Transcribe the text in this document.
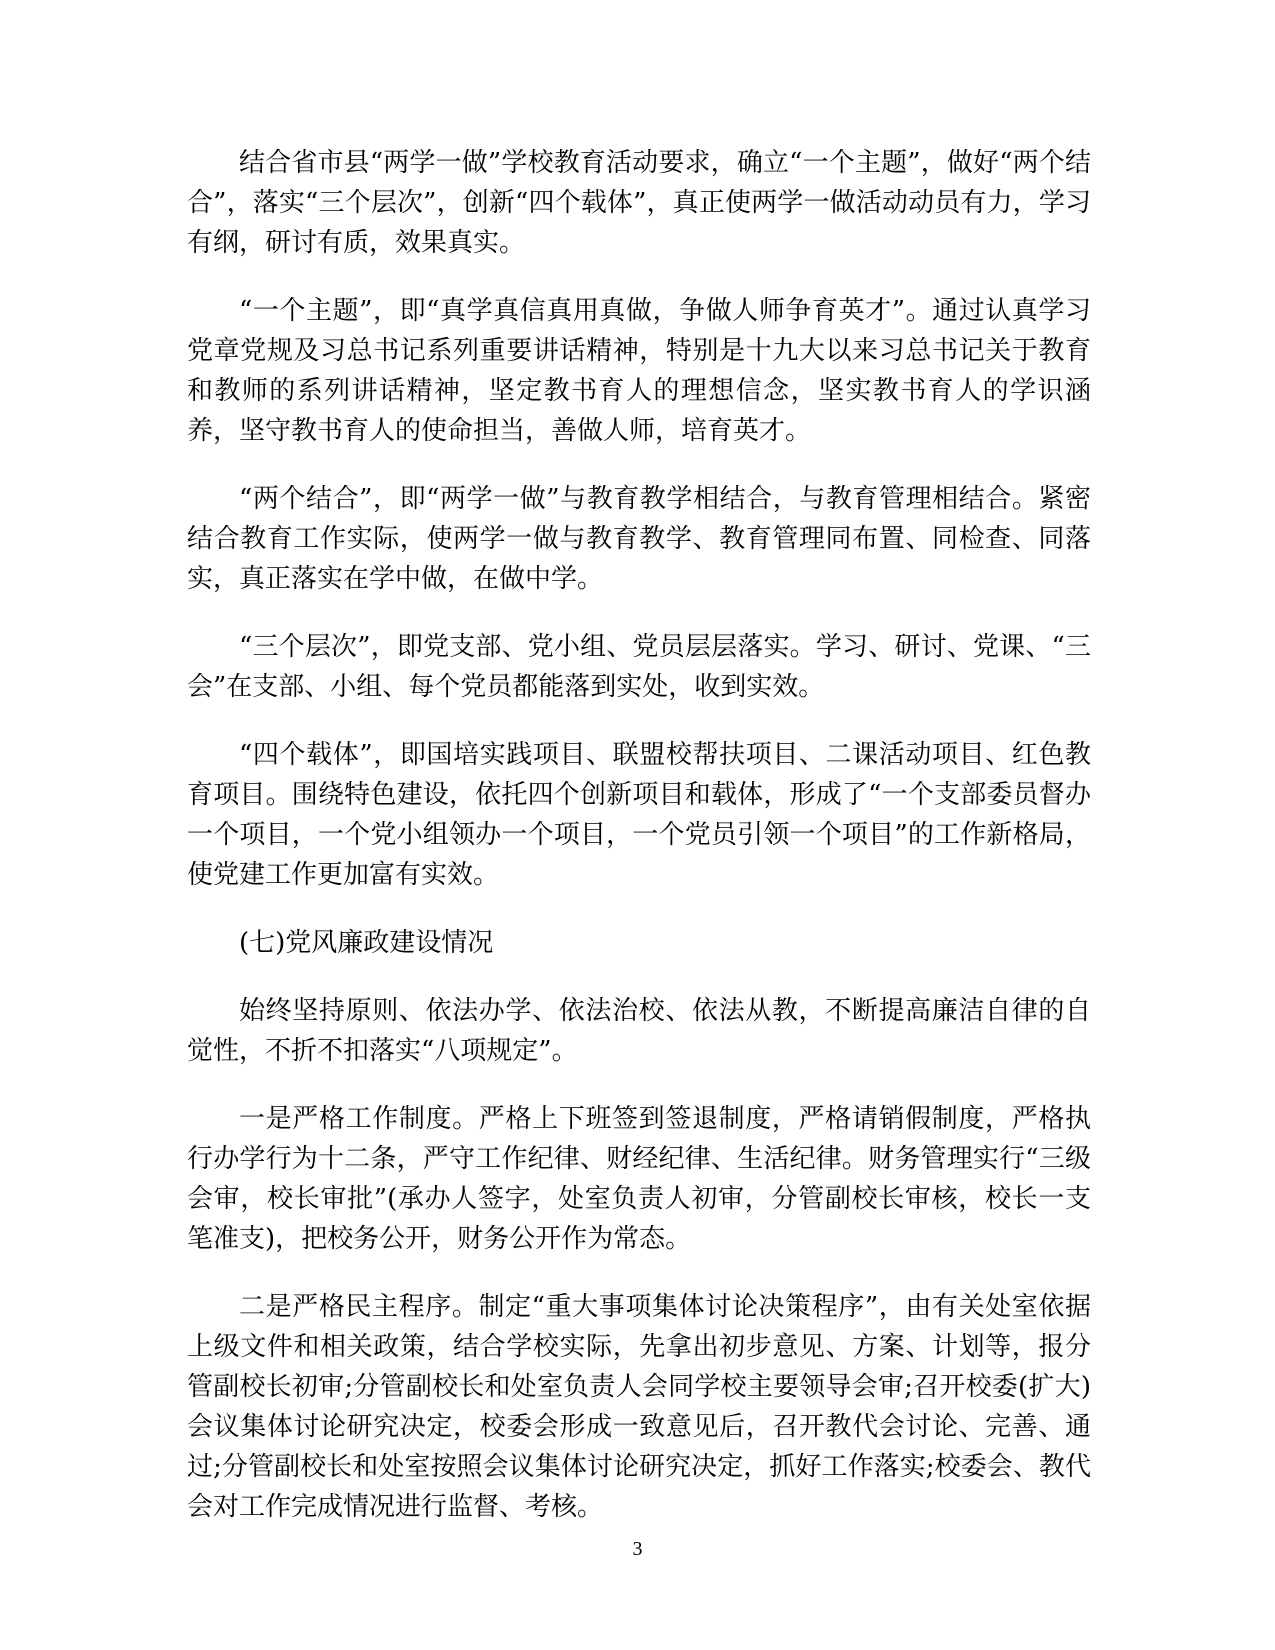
结合省市县“两学一做”学校教育活动要求，确立“一个主题”，做好“两个结合”，落实“三个层次”，创新“四个载体”，真正使两学一做活动动员有力，学习有纲，研讨有质，效果真实。

“一个主题”，即“真学真信真用真做，争做人师争育英才”。通过认真学习党章党规及习总书记系列重要讲话精神，特别是十九大以来习总书记关于教育和教师的系列讲话精神，坚定教书育人的理想信念，坚实教书育人的学识涵养，坚守教书育人的使命担当，善做人师，培育英才。

“两个结合”，即“两学一做”与教育教学相结合，与教育管理相结合。紧密结合教育工作实际，使两学一做与教育教学、教育管理同布置、同检查、同落实，真正落实在学中做，在做中学。

“三个层次”，即党支部、党小组、党员层层落实。学习、研讨、党课、“三会”在支部、小组、每个党员都能落到实处，收到实效。

“四个载体”，即国培实践项目、联盟校帮扶项目、二课活动项目、红色教育项目。围绕特色建设，依托四个创新项目和载体，形成了“一个支部委员督办一个项目，一个党小组领办一个项目，一个党员引领一个项目”的工作新格局，使党建工作更加富有实效。

(七)党风廉政建设情况

始终坚持原则、依法办学、依法治校、依法从教，不断提高廉洁自律的自觉性，不折不扣落实“八项规定”。

一是严格工作制度。严格上下班签到签退制度，严格请销假制度，严格执行办学行为十二条，严守工作纪律、财经纪律、生活纪律。财务管理实行“三级会审，校长审批”(承办人签字，处室负责人初审，分管副校长审核，校长一支笔准支)，把校务公开，财务公开作为常态。

二是严格民主程序。制定“重大事项集体讨论决策程序”，由有关处室依据上级文件和相关政策，结合学校实际，先拿出初步意见、方案、计划等，报分管副校长初审;分管副校长和处室负责人会同学校主要领导会审;召开校委(扩大)会议集体讨论研究决定，校委会形成一致意见后，召开教代会讨论、完善、通过;分管副校长和处室按照会议集体讨论研究决定，抓好工作落实;校委会、教代会对工作完成情况进行监督、考核。

3
